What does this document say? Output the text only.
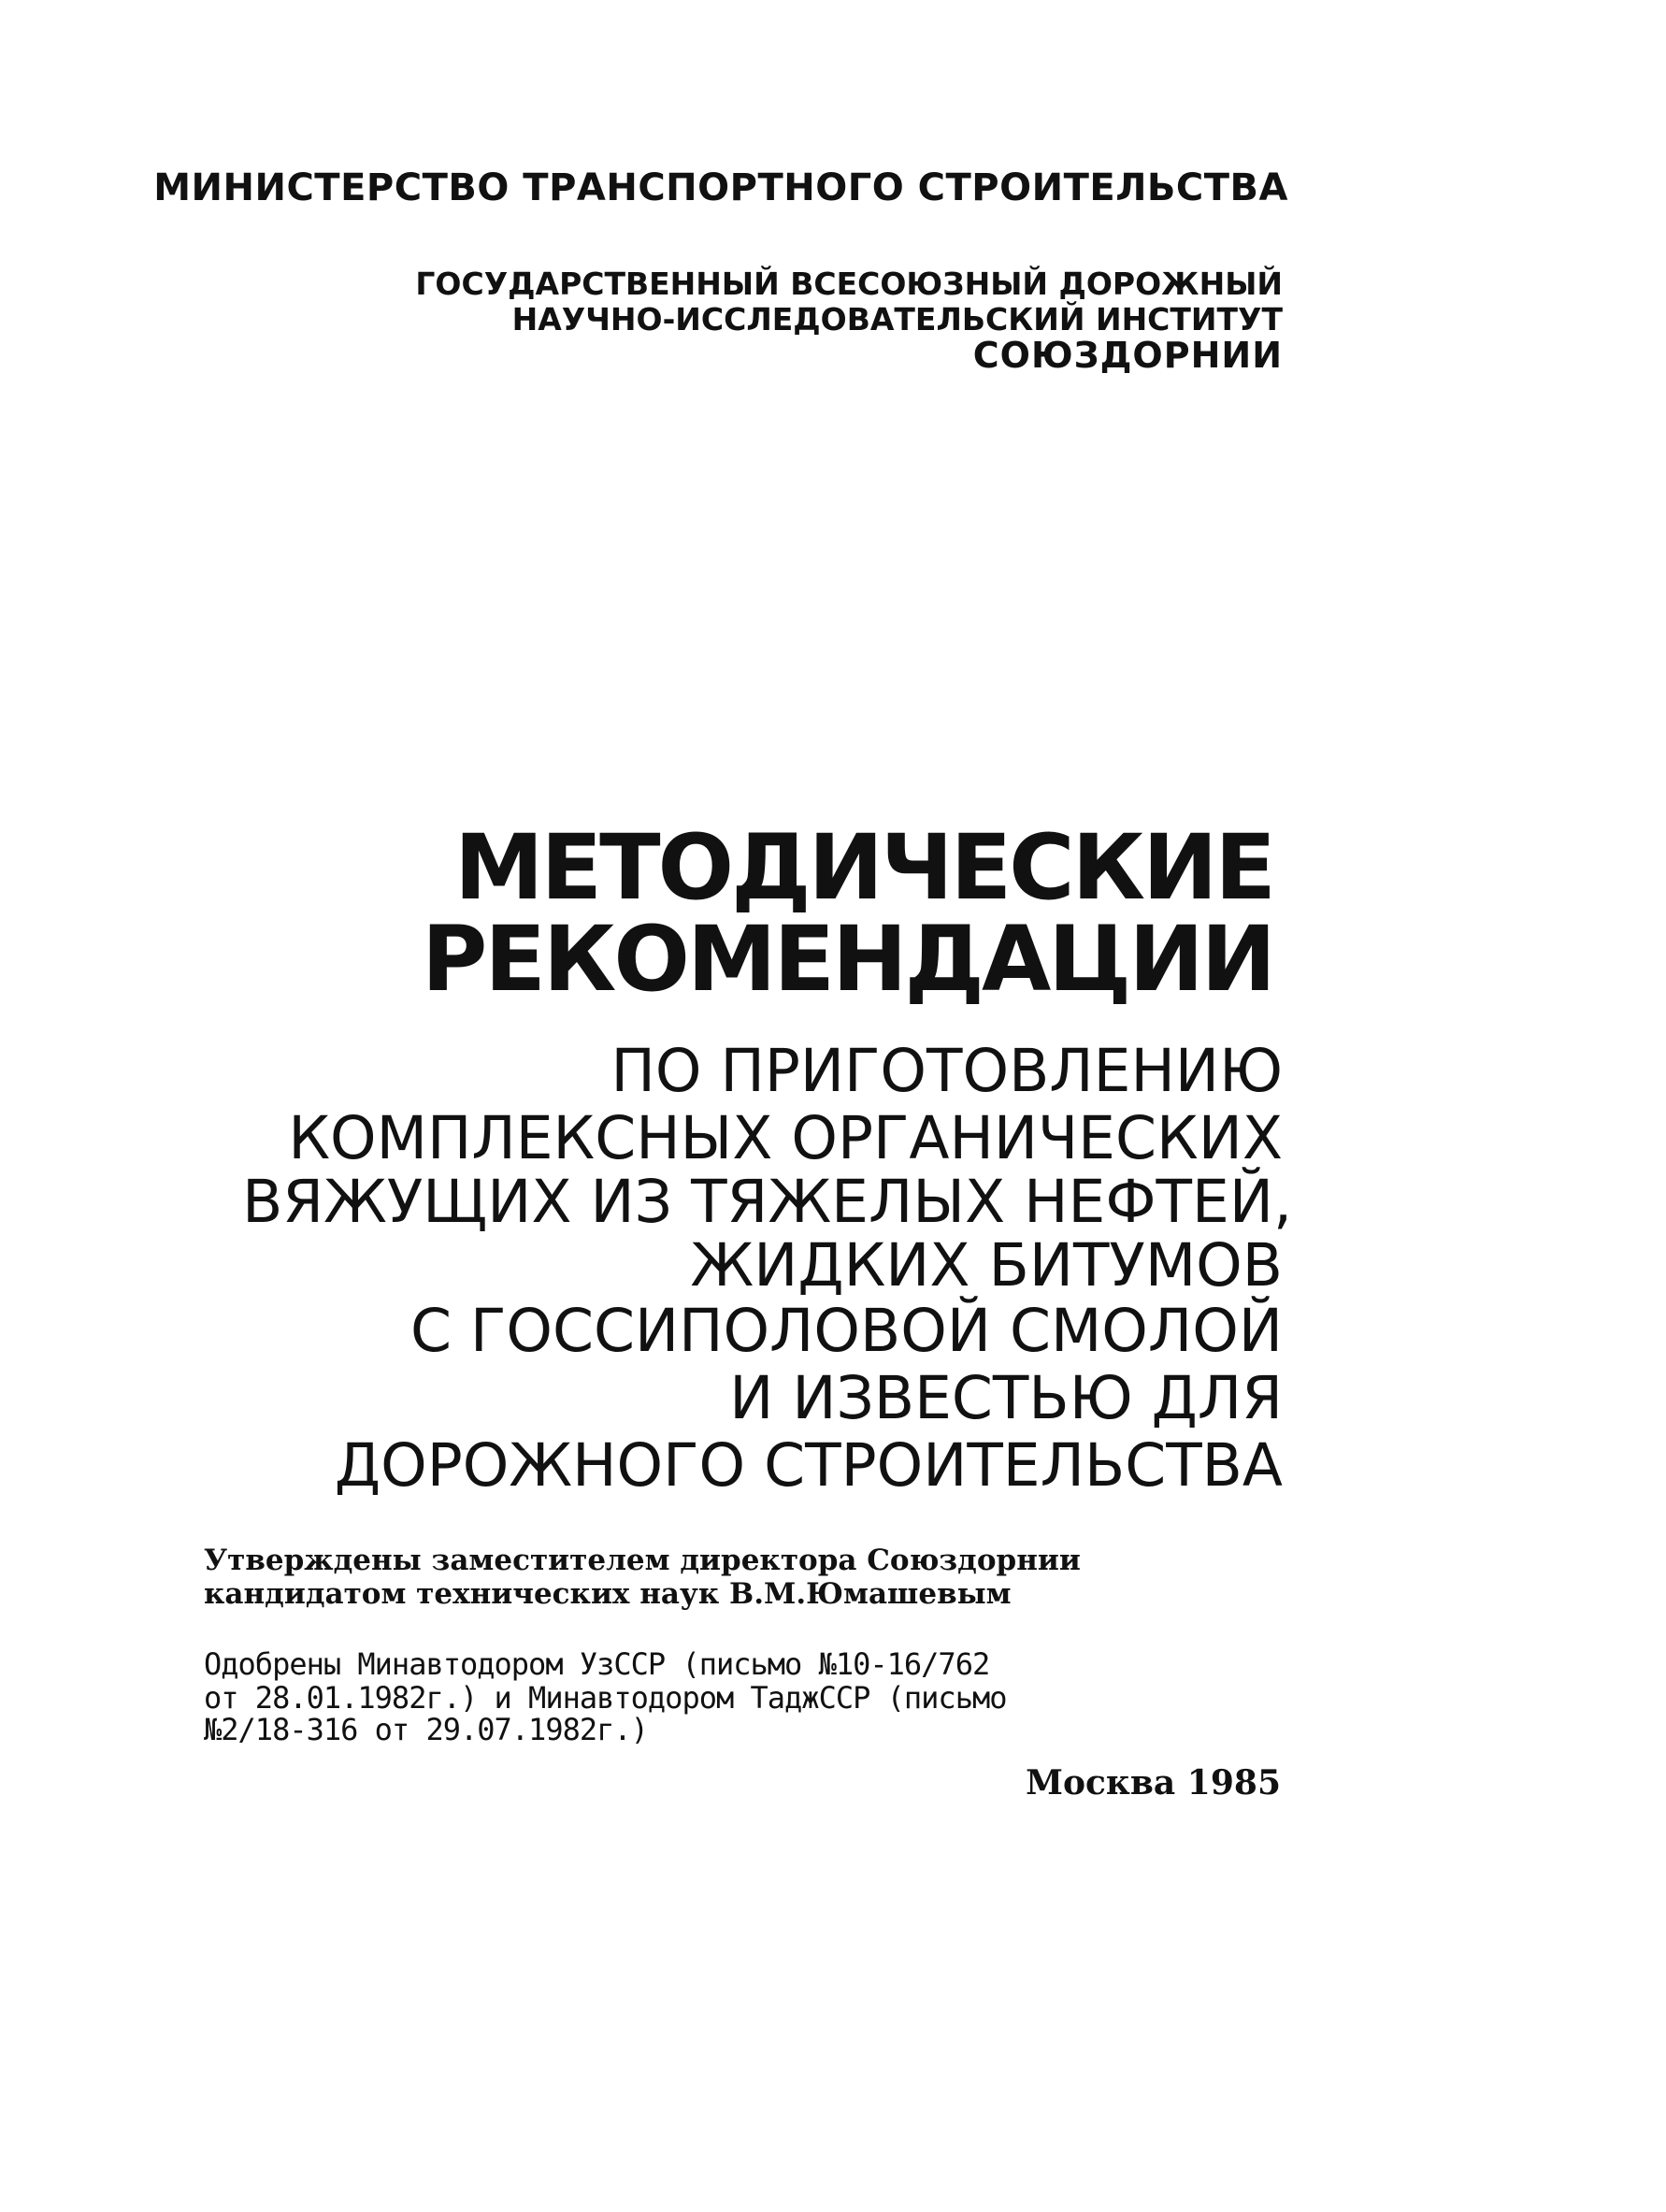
МИНИСТЕРСТВО ТРАНСПОРТНОГО СТРОИТЕЛЬСТВА

ГОСУДАРСТВЕННЫЙ ВСЕСОЮЗНЫЙ ДОРОЖНЫЙ

НАУЧНО-ИССЛЕДОВАТЕЛЬСКИЙ ИНСТИТУТ

СОЮЗДОРНИИ

МЕТОДИЧЕСКИЕ

РЕКОМЕНДАЦИИ

ПО ПРИГОТОВЛЕНИЮ

КОМПЛЕКСНЫХ ОРГАНИЧЕСКИХ

ВЯЖУЩИХ ИЗ ТЯЖЕЛЫХ НЕФТЕЙ,

ЖИДКИХ БИТУМОВ

С ГОССИПОЛОВОЙ СМОЛОЙ

И ИЗВЕСТЬЮ ДЛЯ

ДОРОЖНОГО СТРОИТЕЛЬСТВА

Утверждены заместителем директора Союздорнии

кандидатом технических наук В.М.Юмашевым

Одобрены Минавтодором УзССР (письмо №10-16/762

от 28.01.1982г.) и Минавтодором ТаджССР (письмо

№2/18-316 от 29.07.1982г.)

Москва 1985
